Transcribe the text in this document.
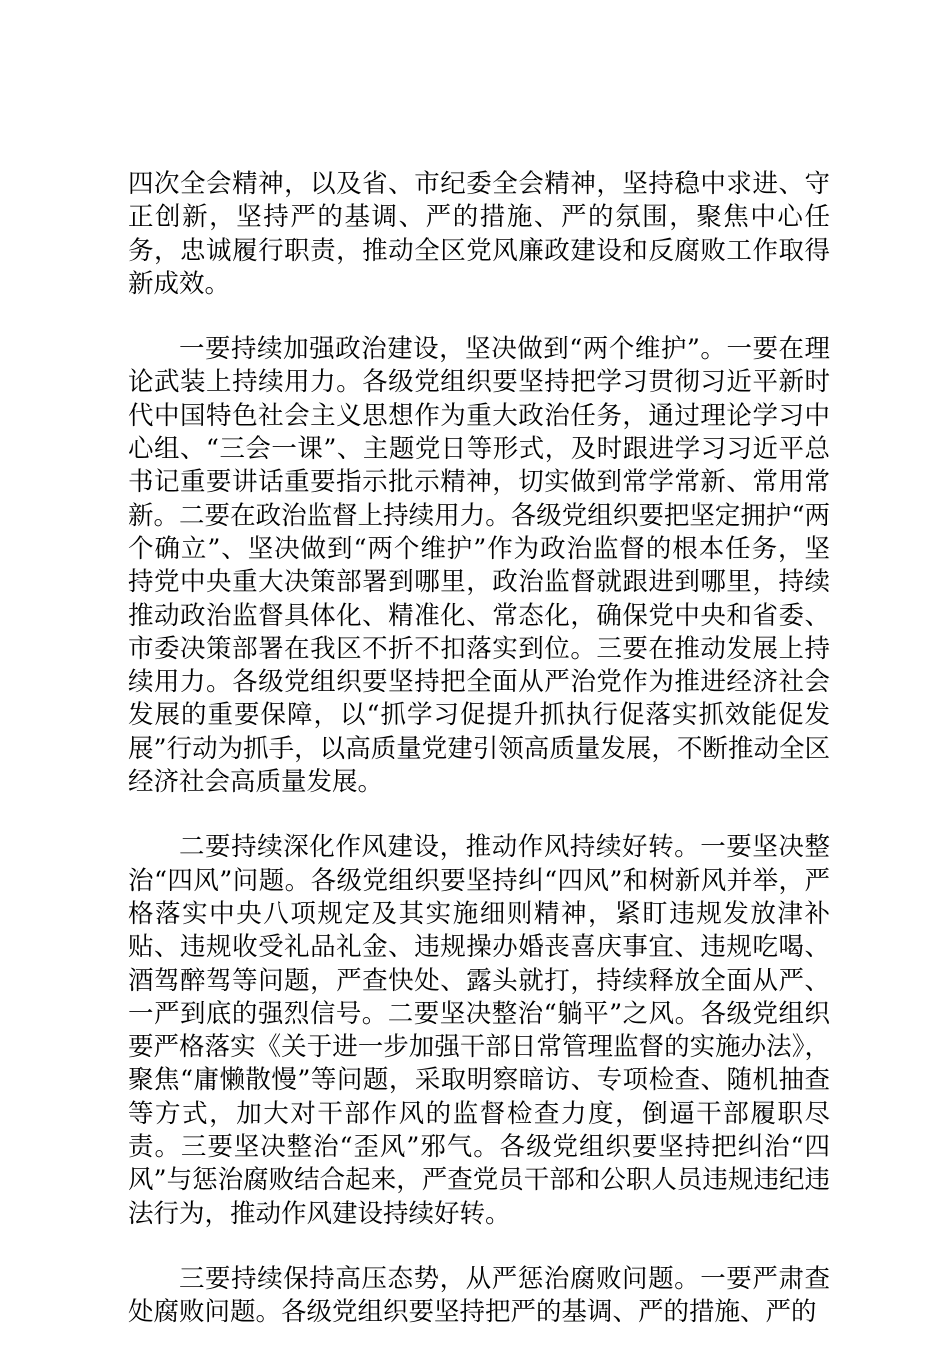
四次全会精神，以及省、市纪委全会精神，坚持稳中求进、守正创新，坚持严的基调、严的措施、严的氛围，聚焦中心任务，忠诚履行职责，推动全区党风廉政建设和反腐败工作取得新成效。

一要持续加强政治建设，坚决做到“两个维护”。一要在理论武装上持续用力。各级党组织要坚持把学习贯彻习近平新时代中国特色社会主义思想作为重大政治任务，通过理论学习中心组、“三会一课”、主题党日等形式，及时跟进学习习近平总书记重要讲话重要指示批示精神，切实做到常学常新、常用常新。二要在政治监督上持续用力。各级党组织要把坚定拥护“两个确立”、坚决做到“两个维护”作为政治监督的根本任务，坚持党中央重大决策部署到哪里，政治监督就跟进到哪里，持续推动政治监督具体化、精准化、常态化，确保党中央和省委、市委决策部署在我区不折不扣落实到位。三要在推动发展上持续用力。各级党组织要坚持把全面从严治党作为推进经济社会发展的重要保障，以“抓学习促提升抓执行促落实抓效能促发展”行动为抓手，以高质量党建引领高质量发展，不断推动全区经济社会高质量发展。

二要持续深化作风建设，推动作风持续好转。一要坚决整治“四风”问题。各级党组织要坚持纠“四风”和树新风并举，严格落实中央八项规定及其实施细则精神，紧盯违规发放津补贴、违规收受礼品礼金、违规操办婚丧喜庆事宜、违规吃喝、酒驾醉驾等问题，严查快处、露头就打，持续释放全面从严、一严到底的强烈信号。二要坚决整治“躺平”之风。各级党组织要严格落实《关于进一步加强干部日常管理监督的实施办法》，聚焦“庸懒散慢”等问题，采取明察暗访、专项检查、随机抽查等方式，加大对干部作风的监督检查力度，倒逼干部履职尽责。三要坚决整治“歪风”邪气。各级党组织要坚持把纠治“四风”与惩治腐败结合起来，严查党员干部和公职人员违规违纪违法行为，推动作风建设持续好转。

三要持续保持高压态势，从严惩治腐败问题。一要严肃查处腐败问题。各级党组织要坚持把严的基调、严的措施、严的
